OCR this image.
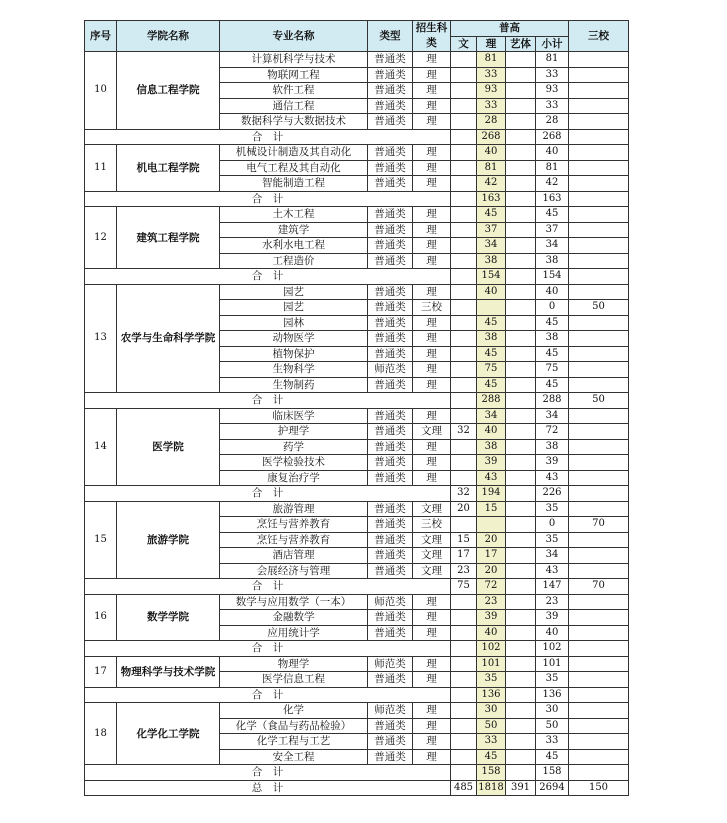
序号	学院名称	专业名称	类型	招生科类	普高				三校
					文	理	艺体	小计	
10	信息工程学院	计算机科学与技术	普通类	理		81		81	
		物联网工程	普通类	理		33		33	
		软件工程	普通类	理		93		93	
		通信工程	普通类	理		33		33	
		数据科学与大数据技术	普通类	理		28		28	
合　计						268		268	
11	机电工程学院	机械设计制造及其自动化	普通类	理		40		40	
		电气工程及其自动化	普通类	理		81		81	
		智能制造工程	普通类	理		42		42	
合　计						163		163	
12	建筑工程学院	土木工程	普通类	理		45		45	
		建筑学	普通类	理		37		37	
		水利水电工程	普通类	理		34		34	
		工程造价	普通类	理		38		38	
合　计						154		154	
13	农学与生命科学学院	园艺	普通类	理		40		40	
		园艺	普通类	三校				0	50
		园林	普通类	理		45		45	
		动物医学	普通类	理		38		38	
		植物保护	普通类	理		45		45	
		生物科学	师范类	理		75		75	
		生物制药	普通类	理		45		45	
合　计						288		288	50
14	医学院	临床医学	普通类	理		34		34	
		护理学	普通类	文理	32	40		72	
		药学	普通类	理		38		38	
		医学检验技术	普通类	理		39		39	
		康复治疗学	普通类	理		43		43	
合　计					32	194		226	
15	旅游学院	旅游管理	普通类	文理	20	15		35	
		烹饪与营养教育	普通类	三校				0	70
		烹饪与营养教育	普通类	文理	15	20		35	
		酒店管理	普通类	文理	17	17		34	
		会展经济与管理	普通类	文理	23	20		43	
合　计					75	72		147	70
16	数学学院	数学与应用数学（一本）	师范类	理		23		23	
		金融数学	普通类	理		39		39	
		应用统计学	普通类	理		40		40	
合　计						102		102	
17	物理科学与技术学院	物理学	师范类	理		101		101	
		医学信息工程	普通类	理		35		35	
合　计						136		136	
18	化学化工学院	化学	师范类	理		30		30	
		化学（食品与药品检验）	普通类	理		50		50	
		化学工程与工艺	普通类	理		33		33	
		安全工程	普通类	理		45		45	
合　计						158		158	
总　计					485	1818	391	2694	150
